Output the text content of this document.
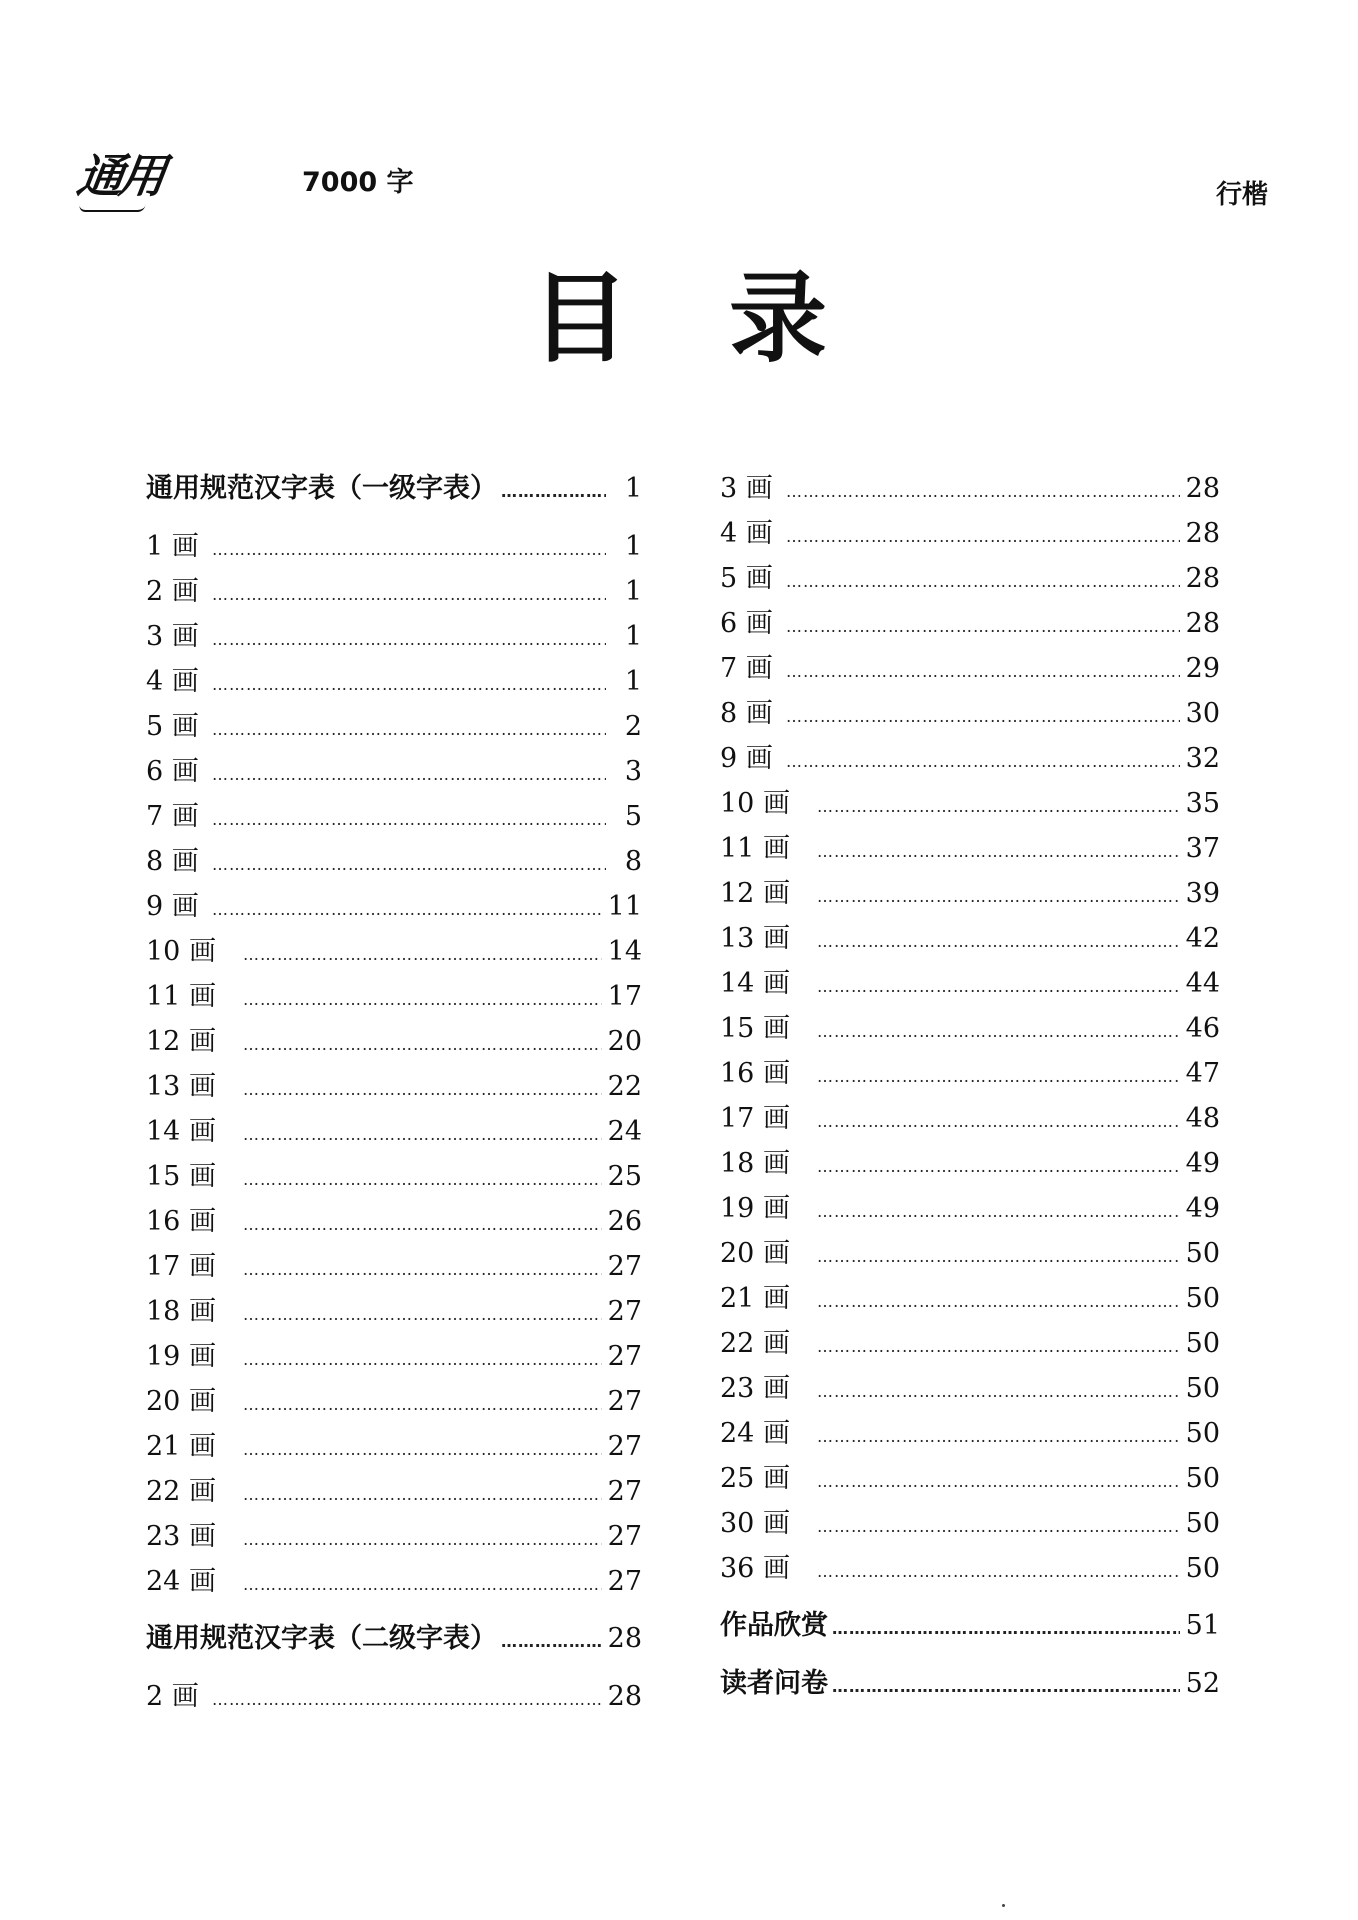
通用	7000 字	行楷
目录
通用规范汉字表（一级字表） ……………………………………………………………………………………………………………………………………	1
1 画 ……………………………………………………………………………………………………………………………………	1
2 画 ……………………………………………………………………………………………………………………………………	1
3 画 ……………………………………………………………………………………………………………………………………	1
4 画 ……………………………………………………………………………………………………………………………………	1
5 画 ……………………………………………………………………………………………………………………………………	2
6 画 ……………………………………………………………………………………………………………………………………	3
7 画 ……………………………………………………………………………………………………………………………………	5
8 画 ……………………………………………………………………………………………………………………………………	8
9 画 ……………………………………………………………………………………………………………………………………	11
10 画 ……………………………………………………………………………………………………………………………………	14
11 画 ……………………………………………………………………………………………………………………………………	17
12 画 ……………………………………………………………………………………………………………………………………	20
13 画 ……………………………………………………………………………………………………………………………………	22
14 画 ……………………………………………………………………………………………………………………………………	24
15 画 ……………………………………………………………………………………………………………………………………	25
16 画 ……………………………………………………………………………………………………………………………………	26
17 画 ……………………………………………………………………………………………………………………………………	27
18 画 ……………………………………………………………………………………………………………………………………	27
19 画 ……………………………………………………………………………………………………………………………………	27
20 画 ……………………………………………………………………………………………………………………………………	27
21 画 ……………………………………………………………………………………………………………………………………	27
22 画 ……………………………………………………………………………………………………………………………………	27
23 画 ……………………………………………………………………………………………………………………………………	27
24 画 ……………………………………………………………………………………………………………………………………	27
通用规范汉字表（二级字表） ……………………………………………………………………………………………………………………………………	28
2 画 ……………………………………………………………………………………………………………………………………	28
3 画 ……………………………………………………………………………………………………………………………………	28
4 画 ……………………………………………………………………………………………………………………………………	28
5 画 ……………………………………………………………………………………………………………………………………	28
6 画 ……………………………………………………………………………………………………………………………………	28
7 画 ……………………………………………………………………………………………………………………………………	29
8 画 ……………………………………………………………………………………………………………………………………	30
9 画 ……………………………………………………………………………………………………………………………………	32
10 画 ……………………………………………………………………………………………………………………………………	35
11 画 ……………………………………………………………………………………………………………………………………	37
12 画 ……………………………………………………………………………………………………………………………………	39
13 画 ……………………………………………………………………………………………………………………………………	42
14 画 ……………………………………………………………………………………………………………………………………	44
15 画 ……………………………………………………………………………………………………………………………………	46
16 画 ……………………………………………………………………………………………………………………………………	47
17 画 ……………………………………………………………………………………………………………………………………	48
18 画 ……………………………………………………………………………………………………………………………………	49
19 画 ……………………………………………………………………………………………………………………………………	49
20 画 ……………………………………………………………………………………………………………………………………	50
21 画 ……………………………………………………………………………………………………………………………………	50
22 画 ……………………………………………………………………………………………………………………………………	50
23 画 ……………………………………………………………………………………………………………………………………	50
24 画 ……………………………………………………………………………………………………………………………………	50
25 画 ……………………………………………………………………………………………………………………………………	50
30 画 ……………………………………………………………………………………………………………………………………	50
36 画 ……………………………………………………………………………………………………………………………………	50
作品欣赏 ……………………………………………………………………………………………………………………………………	51
读者问卷 ……………………………………………………………………………………………………………………………………	52
